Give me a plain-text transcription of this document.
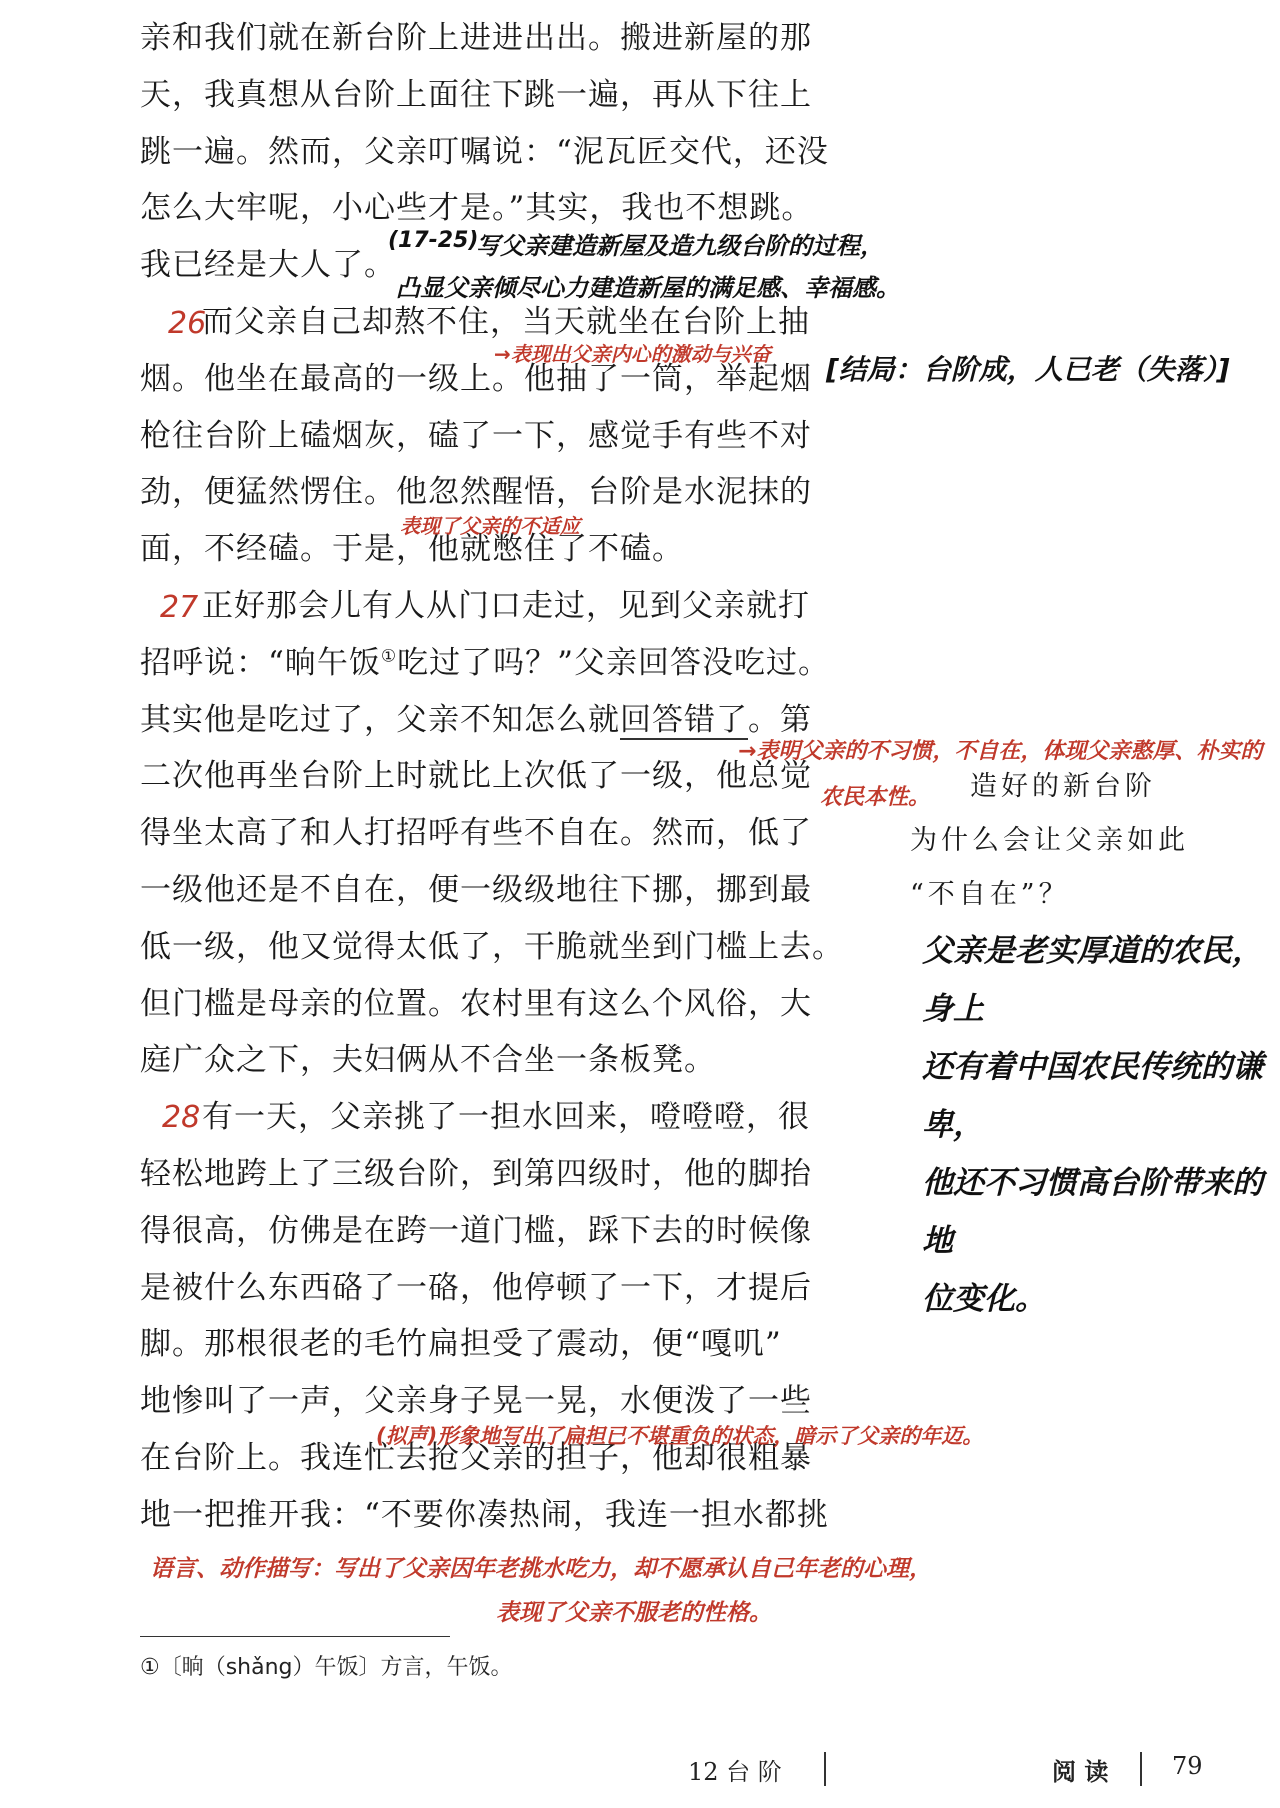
亲和我们就在新台阶上进进出出。搬进新屋的那
天，我真想从台阶上面往下跳一遍，再从下往上
跳一遍。然而，父亲叮嘱说：“泥瓦匠交代，还没
怎么大牢呢，小心些才是。”其实，我也不想跳。
我已经是大人了。
而父亲自己却熬不住，当天就坐在台阶上抽
烟。他坐在最高的一级上。他抽了一筒，举起烟
枪往台阶上磕烟灰，磕了一下，感觉手有些不对
劲，便猛然愣住。他忽然醒悟，台阶是水泥抹的
面，不经磕。于是，他就憋住了不磕。
正好那会儿有人从门口走过，见到父亲就打
招呼说：“晌午饭①吃过了吗？”父亲回答没吃过。
其实他是吃过了，父亲不知怎么就回答错了。第
二次他再坐台阶上时就比上次低了一级，他总觉
得坐太高了和人打招呼有些不自在。然而，低了
一级他还是不自在，便一级级地往下挪，挪到最
低一级，他又觉得太低了，干脆就坐到门槛上去。
但门槛是母亲的位置。农村里有这么个风俗，大
庭广众之下，夫妇俩从不合坐一条板凳。
有一天，父亲挑了一担水回来，噔噔噔，很
轻松地跨上了三级台阶，到第四级时，他的脚抬
得很高，仿佛是在跨一道门槛，踩下去的时候像
是被什么东西硌了一硌，他停顿了一下，才提后
脚。那根很老的毛竹扁担受了震动，便“嘎叽”
地惨叫了一声，父亲身子晃一晃，水便泼了一些
在台阶上。我连忙去抢父亲的担子，他却很粗暴
地一把推开我：“不要你凑热闹，我连一担水都挑
26
27
28
(17-25)
写父亲建造新屋及造九级台阶的过程，
凸显父亲倾尽心力建造新屋的满足感、幸福感。
→表现出父亲内心的激动与兴奋 [结局：台阶成，人已老（失落）]
表现了父亲的不适应
→表明父亲的不习惯，不自在，体现父亲憨厚、朴实的
农民本性。
(拟声)形象地写出了扁担已不堪重负的状态，暗示了父亲的年迈。
语言、动作描写：写出了父亲因年老挑水吃力，却不愿承认自己年老的心理，
表现了父亲不服老的性格。
造好的新台阶
为什么会让父亲如此
“不自在”？
父亲是老实厚道的农民，身上
还有着中国农民传统的谦卑，
他还不习惯高台阶带来的地
位变化。
①〔晌（shǎng）午饭〕方言，午饭。
12 台 阶	阅 读	79
